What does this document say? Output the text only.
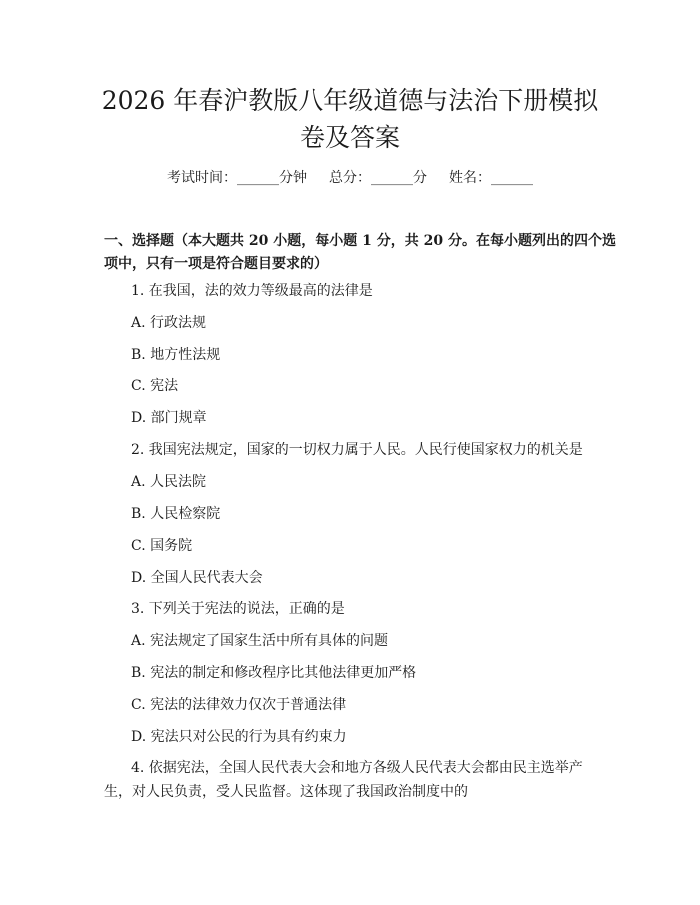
2026 年春沪教版八年级道德与法治下册模拟
卷及答案
考试时间：______分钟 总分：______分 姓名：______
一、选择题（本大题共 20 小题，每小题 1 分，共 20 分。在每小题列出的四个选项中，只有一项是符合题目要求的）
1. 在我国，法的效力等级最高的法律是
A. 行政法规
B. 地方性法规
C. 宪法
D. 部门规章
2. 我国宪法规定，国家的一切权力属于人民。人民行使国家权力的机关是
A. 人民法院
B. 人民检察院
C. 国务院
D. 全国人民代表大会
3. 下列关于宪法的说法，正确的是
A. 宪法规定了国家生活中所有具体的问题
B. 宪法的制定和修改程序比其他法律更加严格
C. 宪法的法律效力仅次于普通法律
D. 宪法只对公民的行为具有约束力
4. 依据宪法，全国人民代表大会和地方各级人民代表大会都由民主选举产生，对人民负责，受人民监督。这体现了我国政治制度中的
